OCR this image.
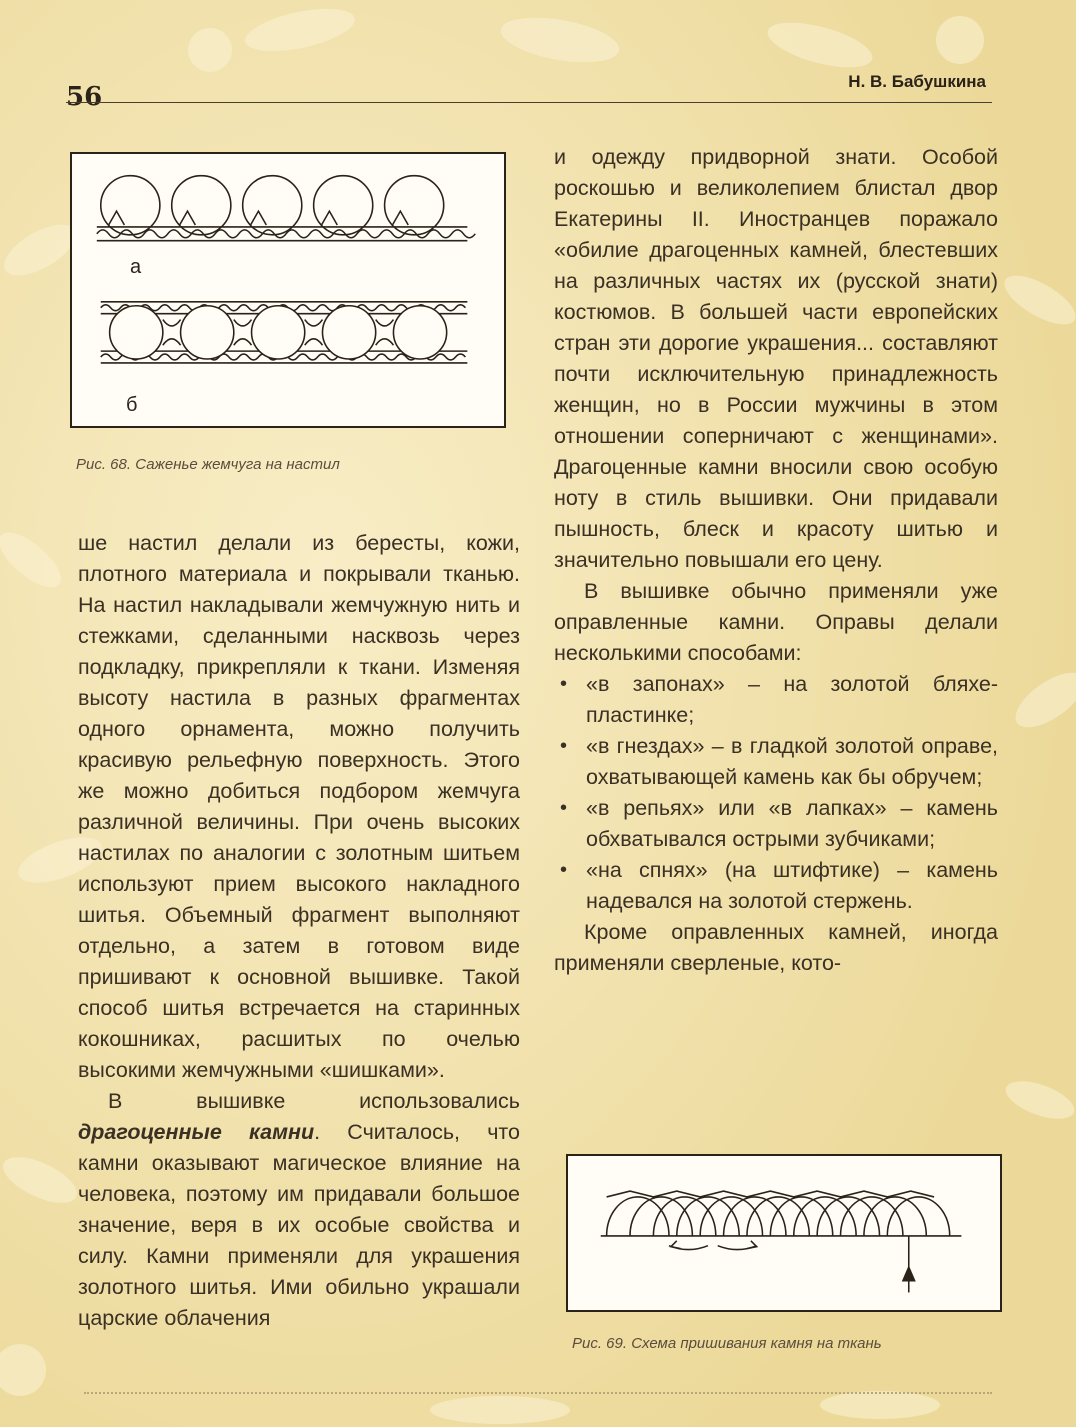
56
Н. В. Бабушкина
а
б
Рис. 68. Саженье жемчуга на настил

ше настил делали из бересты, кожи, плотного материала и покрывали тканью. На настил накладывали жемчужную нить и стежками, сделанными насквозь через подкладку, прикрепляли к ткани. Изменяя высоту настила в разных фрагментах одного орнамента, можно получить красивую рельефную поверхность. Этого же можно добиться подбором жемчуга различной величины. При очень высоких настилах по аналогии с золотным шитьем используют прием высокого накладного шитья. Объемный фрагмент выполняют отдельно, а затем в готовом виде пришивают к основной вышивке. Такой способ шитья встречается на старинных кокошниках, расшитых по очелью высокими жемчужными «шишками».

В вышивке использовались драгоценные камни. Считалось, что камни оказывают магическое влияние на человека, поэтому им придавали большое значение, веря в их особые свойства и силу. Камни применяли для украшения золотного шитья. Ими обильно украшали царские облачения

и одежду придворной знати. Особой роскошью и великолепием блистал двор Екатерины II. Иностранцев поражало «обилие драгоценных камней, блестевших на различных частях их (русской знати) костюмов. В большей части европейских стран эти дорогие украшения... составляют почти исключительную принадлежность женщин, но в России мужчины в этом отношении соперничают с женщинами». Драгоценные камни вносили свою особую ноту в стиль вышивки. Они придавали пышность, блеск и красоту шитью и значительно повышали его цену.

В вышивке обычно применяли уже оправленные камни. Оправы делали несколькими способами:

• «в запонах» – на золотой бляхе-пластинке;
• «в гнездах» – в гладкой золотой оправе, охватывающей камень как бы обручем;
• «в репьях» или «в лапках» – камень обхватывался острыми зубчиками;
• «на спнях» (на штифтике) – камень надевался на золотой стержень.

Кроме оправленных камней, иногда применяли сверленые, кото-

Рис. 69. Схема пришивания камня на ткань
